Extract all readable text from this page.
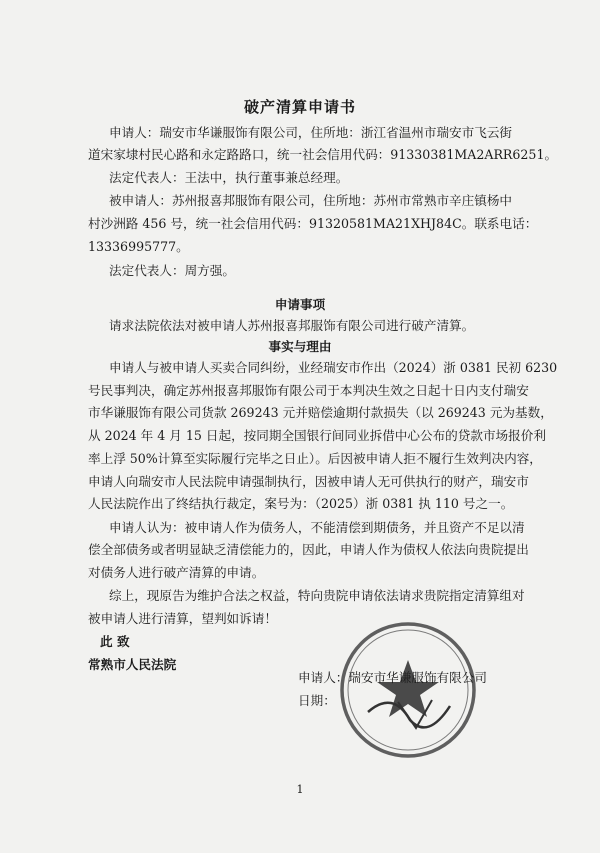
破产清算申请书
申请人：瑞安市华谦服饰有限公司，住所地：浙江省温州市瑞安市飞云街
道宋家埭村民心路和永定路路口，统一社会信用代码：91330381MA2ARR6251。
法定代表人：王法中，执行董事兼总经理。
被申请人：苏州报喜邦服饰有限公司，住所地：苏州市常熟市辛庄镇杨中
村沙洲路 456 号，统一社会信用代码：91320581MA21XHJ84C。联系电话：
13336995777。
法定代表人：周方强。
申请事项
请求法院依法对被申请人苏州报喜邦服饰有限公司进行破产清算。
事实与理由
申请人与被申请人买卖合同纠纷，业经瑞安市作出（2024）浙 0381 民初 6230
号民事判决，确定苏州报喜邦服饰有限公司于本判决生效之日起十日内支付瑞安
市华谦服饰有限公司货款 269243 元并赔偿逾期付款损失（以 269243 元为基数，
从 2024 年 4 月 15 日起，按同期全国银行间同业拆借中心公布的贷款市场报价利
率上浮 50%计算至实际履行完毕之日止）。后因被申请人拒不履行生效判决内容，
申请人向瑞安市人民法院申请强制执行，因被申请人无可供执行的财产，瑞安市
人民法院作出了终结执行裁定，案号为：（2025）浙 0381 执 110 号之一。
申请人认为：被申请人作为债务人，不能清偿到期债务，并且资产不足以清
偿全部债务或者明显缺乏清偿能力的，因此，申请人作为债权人依法向贵院提出
对债务人进行破产清算的申请。
综上，现原告为维护合法之权益，特向贵院申请依法请求贵院指定清算组对
被申请人进行清算，望判如诉请！
此 致
常熟市人民法院
申请人：瑞安市华谦服饰有限公司
日期：
1
